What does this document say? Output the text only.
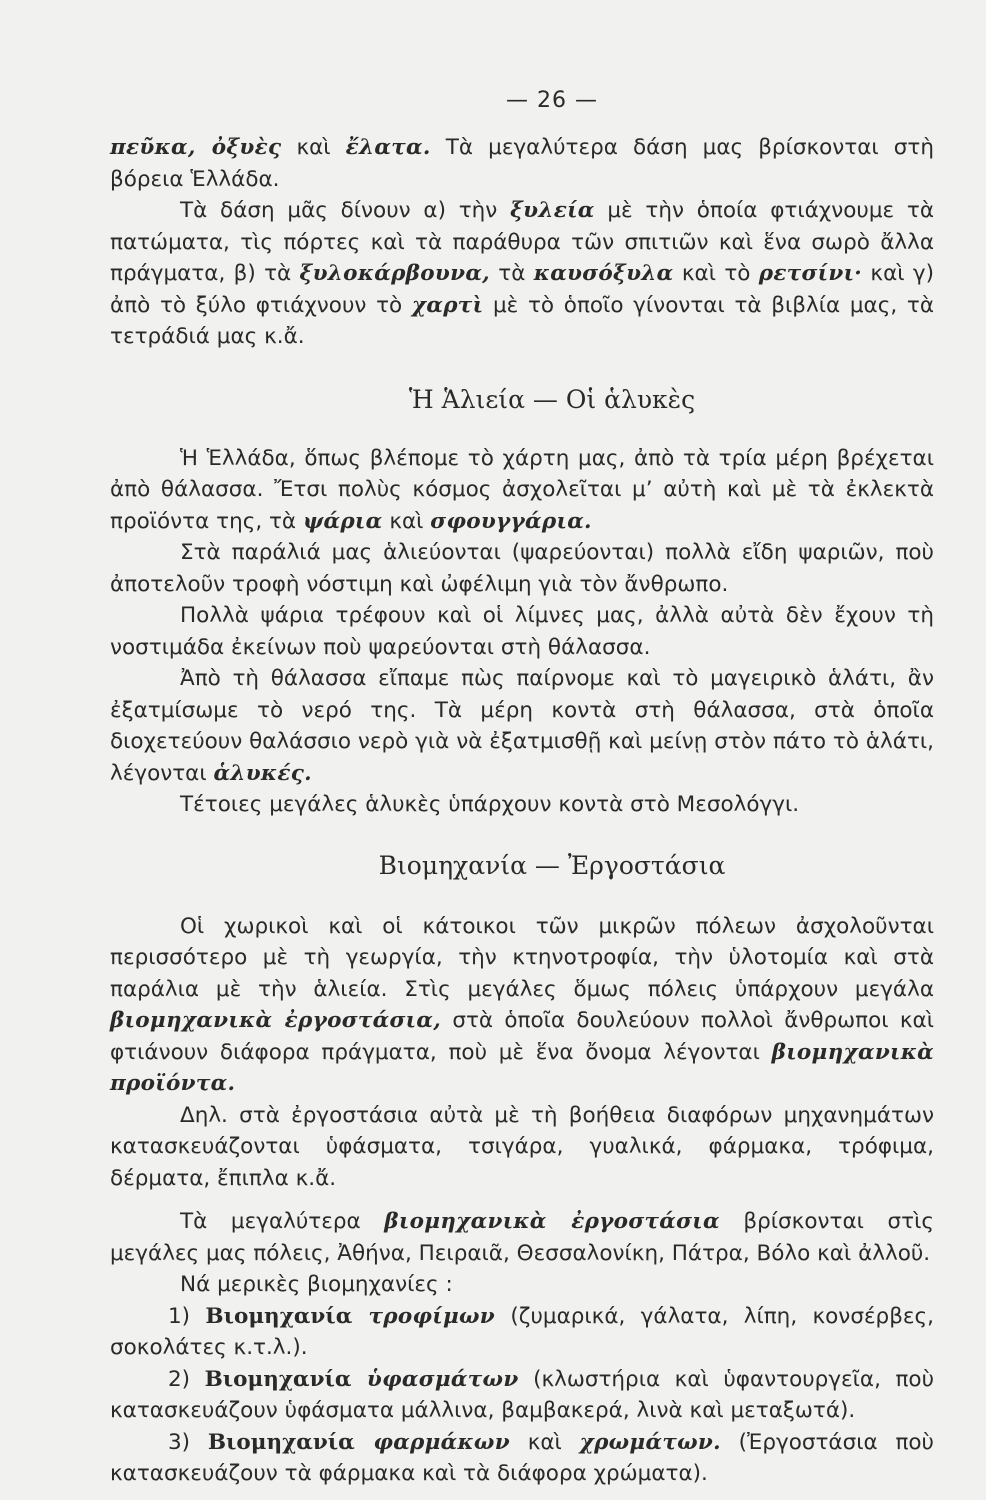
— 26 —

πεῦκα, ὀξυὲς καὶ ἔλατα. Τὰ μεγαλύτερα δάση μας βρίσκονται στὴ βόρεια Ἑλλάδα.

Τὰ δάση μᾶς δίνουν α) τὴν ξυλεία μὲ τὴν ὁποία φτιάχνουμε τὰ πατώματα, τὶς πόρτες καὶ τὰ παράθυρα τῶν σπιτιῶν καὶ ἕνα σωρὸ ἄλλα πράγματα, β) τὰ ξυλοκάρβουνα, τὰ καυσόξυλα καὶ τὸ ρετσίνι· καὶ γ) ἀπὸ τὸ ξύλο φτιάχνουν τὸ χαρτὶ μὲ τὸ ὁποῖο γίνονται τὰ βιβλία μας, τὰ τετράδιά μας κ.ἄ.

Ἡ Ἁλιεία — Οἱ ἁλυκὲς

Ἡ Ἑλλάδα, ὅπως βλέπομε τὸ χάρτη μας, ἀπὸ τὰ τρία μέρη βρέχεται ἀπὸ θάλασσα. Ἔτσι πολὺς κόσμος ἀσχολεῖται μ’ αὐτὴ καὶ μὲ τὰ ἐκλεκτὰ προϊόντα της, τὰ ψάρια καὶ σφουγγάρια.

Στὰ παράλιά μας ἁλιεύονται (ψαρεύονται) πολλὰ εἴδη ψαριῶν, ποὺ ἀποτελοῦν τροφὴ νόστιμη καὶ ὠφέλιμη γιὰ τὸν ἄνθρωπο.

Πολλὰ ψάρια τρέφουν καὶ οἱ λίμνες μας, ἀλλὰ αὐτὰ δὲν ἔχουν τὴ νοστιμάδα ἐκείνων ποὺ ψαρεύονται στὴ θάλασσα.

Ἀπὸ τὴ θάλασσα εἴπαμε πὼς παίρνομε καὶ τὸ μαγειρικὸ ἁλάτι, ἂν ἐξατμίσωμε τὸ νερό της. Τὰ μέρη κοντὰ στὴ θάλασσα, στὰ ὁποῖα διοχετεύουν θαλάσσιο νερὸ γιὰ νὰ ἐξατμισθῇ καὶ μείνῃ στὸν πάτο τὸ ἁλάτι, λέγονται ἁλυκές.

Τέτοιες μεγάλες ἁλυκὲς ὑπάρχουν κοντὰ στὸ Μεσολόγγι.

Βιομηχανία — Ἐργοστάσια

Οἱ χωρικοὶ καὶ οἱ κάτοικοι τῶν μικρῶν πόλεων ἀσχολοῦνται περισσότερο μὲ τὴ γεωργία, τὴν κτηνοτροφία, τὴν ὑλοτομία καὶ στὰ παράλια μὲ τὴν ἁλιεία. Στὶς μεγάλες ὅμως πόλεις ὑπάρχουν μεγάλα βιομηχανικὰ ἐργοστάσια, στὰ ὁποῖα δουλεύουν πολλοὶ ἄνθρωποι καὶ φτιάνουν διάφορα πράγματα, ποὺ μὲ ἕνα ὄνομα λέγονται βιομηχανικὰ προϊόντα.

Δηλ. στὰ ἐργοστάσια αὐτὰ μὲ τὴ βοήθεια διαφόρων μηχανημάτων κατασκευάζονται ὑφάσματα, τσιγάρα, γυαλικά, φάρμακα, τρόφιμα, δέρματα, ἔπιπλα κ.ἄ.

Τὰ μεγαλύτερα βιομηχανικὰ ἐργοστάσια βρίσκονται στὶς μεγάλες μας πόλεις, Ἀθήνα, Πειραιᾶ, Θεσσαλονίκη, Πάτρα, Βόλο καὶ ἀλλοῦ.

Νά μερικὲς βιομηχανίες :

1) Βιομηχανία τροφίμων (ζυμαρικά, γάλατα, λίπη, κονσέρβες, σοκολάτες κ.τ.λ.).

2) Βιομηχανία ὑφασμάτων (κλωστήρια καὶ ὑφαντουργεῖα, ποὺ κατασκευάζουν ὑφάσματα μάλλινα, βαμβακερά, λινὰ καὶ μεταξωτά).

3) Βιομηχανία φαρμάκων καὶ χρωμάτων. (Ἐργοστάσια ποὺ κατασκευάζουν τὰ φάρμακα καὶ τὰ διάφορα χρώματα).
